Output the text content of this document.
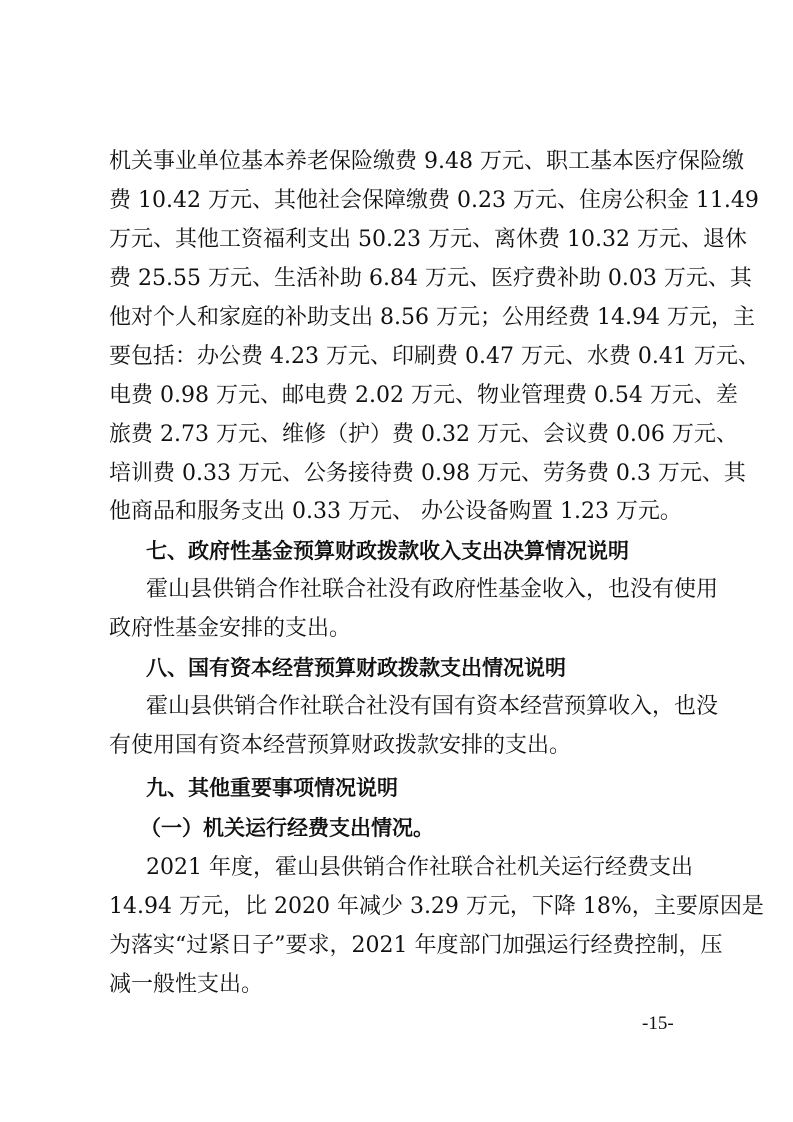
机关事业单位基本养老保险缴费 9.48 万元、职工基本医疗保险缴
费 10.42 万元、其他社会保障缴费 0.23 万元、住房公积金 11.49
万元、其他工资福利支出 50.23 万元、离休费 10.32 万元、退休
费 25.55 万元、生活补助 6.84 万元、医疗费补助 0.03 万元、其
他对个人和家庭的补助支出 8.56 万元；公用经费 14.94 万元，主
要包括：办公费 4.23 万元、印刷费 0.47 万元、水费 0.41 万元、
电费 0.98 万元、邮电费 2.02 万元、物业管理费 0.54 万元、差
旅费 2.73 万元、维修（护）费 0.32 万元、会议费 0.06 万元、
培训费 0.33 万元、公务接待费 0.98 万元、劳务费 0.3 万元、其
他商品和服务支出 0.33 万元、 办公设备购置 1.23 万元。
七、政府性基金预算财政拨款收入支出决算情况说明
霍山县供销合作社联合社没有政府性基金收入，也没有使用
政府性基金安排的支出。
八、国有资本经营预算财政拨款支出情况说明
霍山县供销合作社联合社没有国有资本经营预算收入，也没
有使用国有资本经营预算财政拨款安排的支出。
九、其他重要事项情况说明
（一）机关运行经费支出情况。
2021 年度，霍山县供销合作社联合社机关运行经费支出
14.94 万元，比 2020 年减少 3.29 万元，下降 18%，主要原因是
为落实“过紧日子”要求，2021 年度部门加强运行经费控制，压
减一般性支出。
-15-
